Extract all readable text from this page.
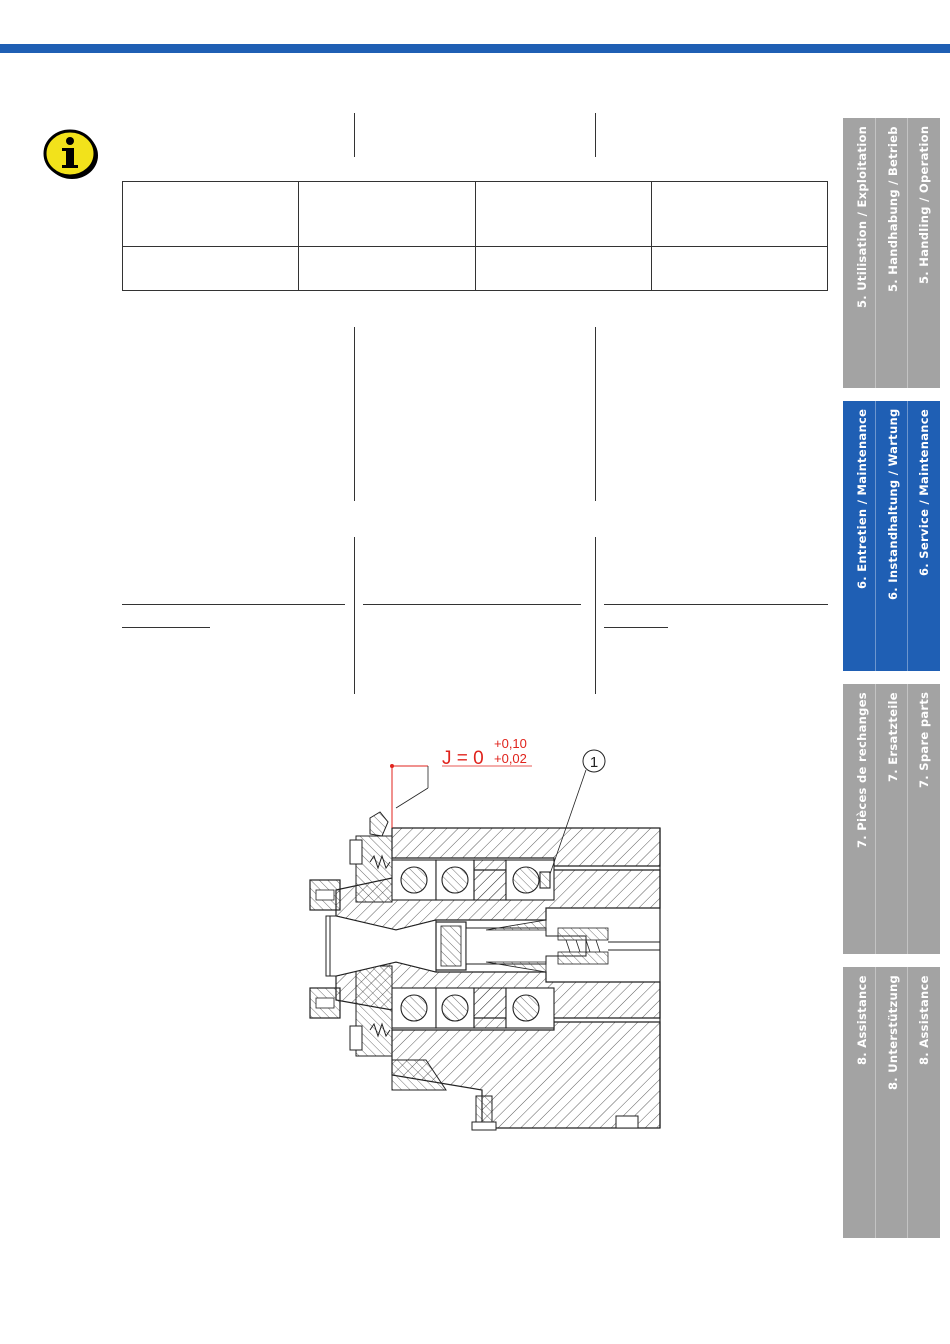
J = 0
+0,10
+0,02	1
5. Handling / Operation
5. Handhabung / Betrieb
5. Utilisation / Exploitation
6. Service / Maintenance
6. Instandhaltung / Wartung
6. Entretien / Maintenance
7. Spare parts
7. Ersatzteile
7. Pièces de rechanges
8. Assistance
8. Unterstützung
8. Assistance
